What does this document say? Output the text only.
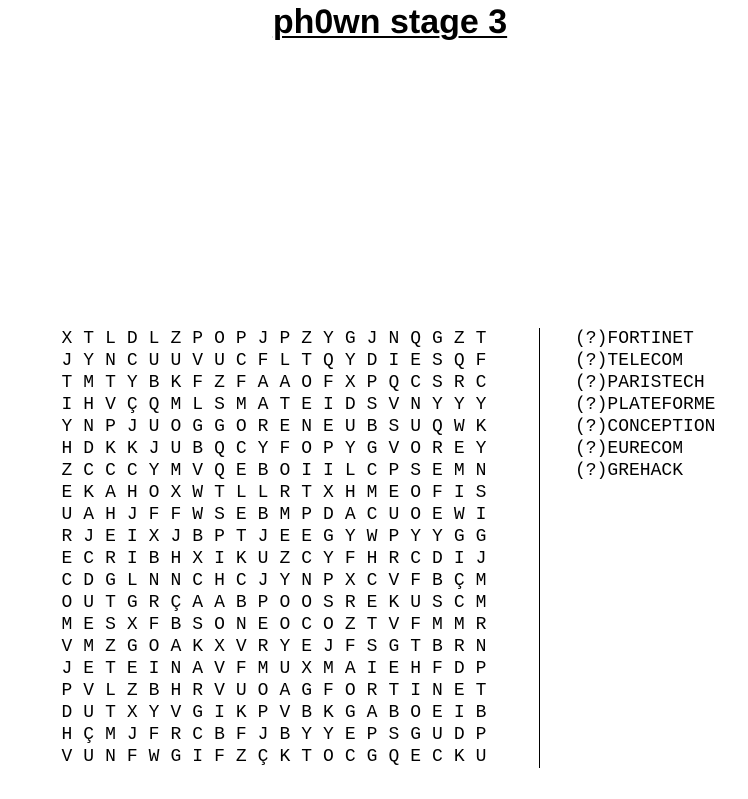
ph0wn stage 3
X T L D L Z P O P J P Z Y G J N Q G Z T
J Y N C U U V U C F L T Q Y D I E S Q F
T M T Y B K F Z F A A O F X P Q C S R C
I H V Ç Q M L S M A T E I D S V N Y Y Y
Y N P J U O G G O R E N E U B S U Q W K
H D K K J U B Q C Y F O P Y G V O R E Y
Z C C C Y M V Q E B O I I L C P S E M N
E K A H O X W T L L R T X H M E O F I S
U A H J F F W S E B M P D A C U O E W I
R J E I X J B P T J E E G Y W P Y Y G G
E C R I B H X I K U Z C Y F H R C D I J
C D G L N N C H C J Y N P X C V F B Ç M
O U T G R Ç A A B P O O S R E K U S C M
M E S X F B S O N E O C O Z T V F M M R
V M Z G O A K X V R Y E J F S G T B R N
J E T E I N A V F M U X M A I E H F D P
P V L Z B H R V U O A G F O R T I N E T
D U T X Y V G I K P V B K G A B O E I B
H Ç M J F R C B F J B Y Y E P S G U D P
V U N F W G I F Z Ç K T O C G Q E C K U
(?)FORTINET
(?)TELECOM
(?)PARISTECH
(?)PLATEFORME
(?)CONCEPTION
(?)EURECOM
(?)GREHACK
